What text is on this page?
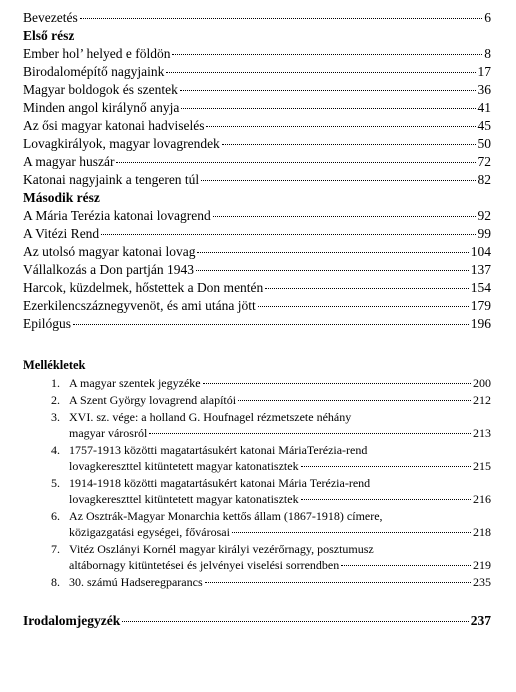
Bevezetés	6
Első rész
Ember hol’ helyed e földön	8
Birodalomépítő nagyjaink	17
Magyar boldogok és szentek	36
Minden angol királynő anyja	41
Az ősi magyar katonai hadviselés	45
Lovagkirályok, magyar lovagrendek	50
A magyar huszár	72
Katonai nagyjaink a tengeren túl	82
Második rész
A Mária Terézia katonai lovagrend	92
A Vitézi Rend	99
Az utolsó magyar katonai lovag	104
Vállalkozás a Don partján 1943	137
Harcok, küzdelmek, hőstettek a Don mentén	154
Ezerkilencszáznegyvenöt, és ami utána jött	179
Epilógus	196
Mellékletek
1. A magyar szentek jegyzéke	200
2. A Szent György lovagrend alapítói	212
3. XVI. sz. vége: a holland G. Houfnagel rézmetszete néhány
magyar városról	213
4. 1757-1913 közötti magatartásukért katonai MáriaTerézia-rend
lovagkereszttel kitüntetett magyar katonatisztek	215
5. 1914-1918 közötti magatartásukért katonai Mária Terézia-rend
lovagkereszttel kitüntetett magyar katonatisztek	216
6. Az Osztrák-Magyar Monarchia kettős állam (1867-1918) címere,
közigazgatási egységei, fővárosai	218
7. Vitéz Oszlányi Kornél magyar királyi vezérőrnagy, posztumusz
altábornagy kitüntetései és jelvényei viselési sorrendben	219
8. 30. számú Hadseregparancs	235
Irodalomjegyzék	237
